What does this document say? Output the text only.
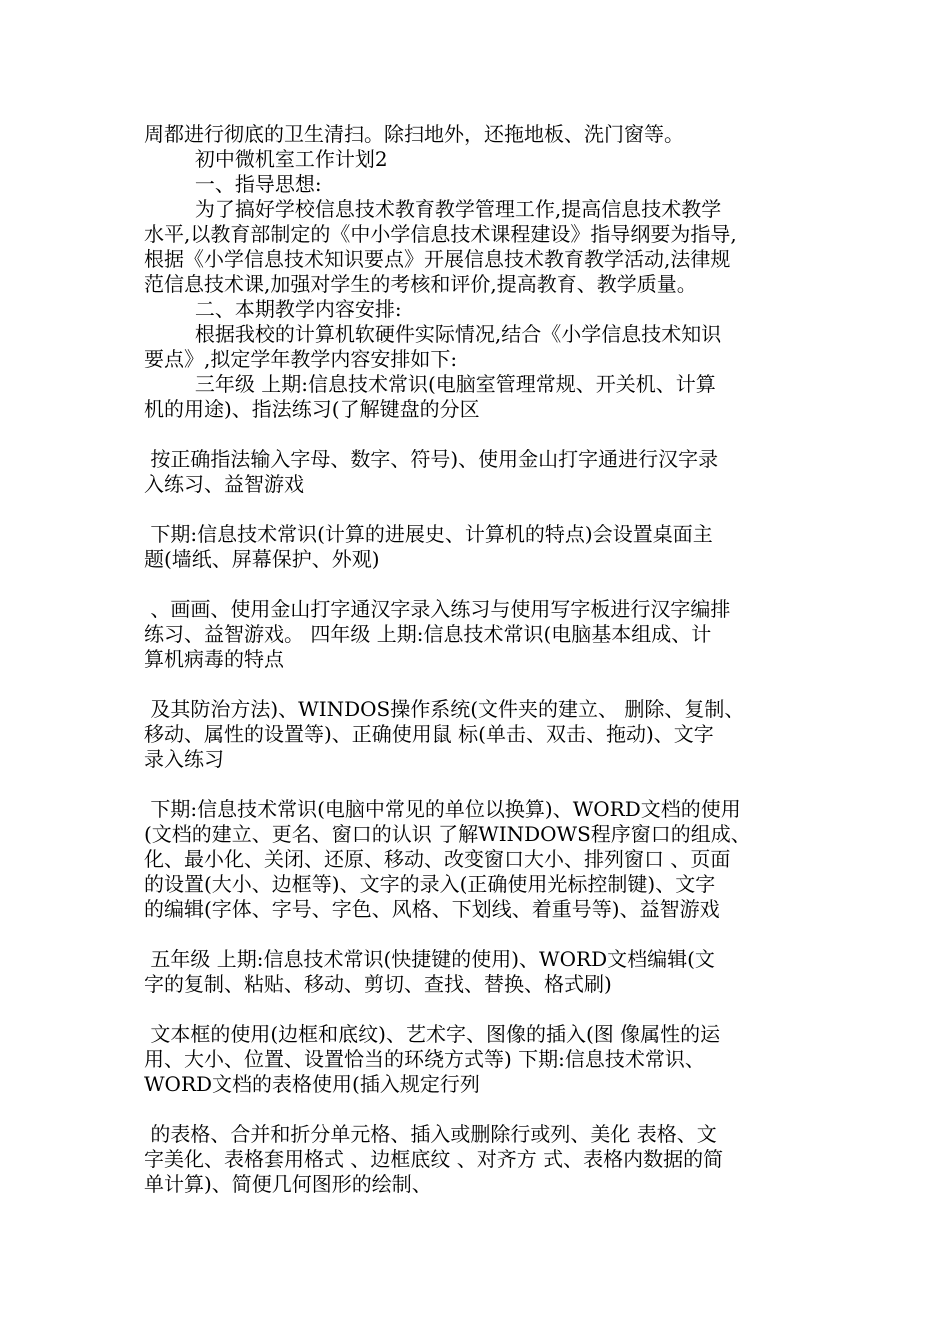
周都进行彻底的卫生清扫。除扫地外，还拖地板、洗门窗等。
初中微机室工作计划2
一、指导思想:
为了搞好学校信息技术教育教学管理工作,提高信息技术教学
水平,以教育部制定的《中小学信息技术课程建设》指导纲要为指导,
根据《小学信息技术知识要点》开展信息技术教育教学活动,法律规
范信息技术课,加强对学生的考核和评价,提高教育、教学质量。
二、本期教学内容安排:
根据我校的计算机软硬件实际情况,结合《小学信息技术知识
要点》,拟定学年教学内容安排如下:
三年级 上期:信息技术常识(电脑室管理常规、开关机、计算
机的用途)、指法练习(了解键盘的分区
按正确指法输入字母、数字、符号)、使用金山打字通进行汉字录
入练习、益智游戏
下期:信息技术常识(计算的进展史、计算机的特点)会设置桌面主
题(墙纸、屏幕保护、外观)
、画画、使用金山打字通汉字录入练习与使用写字板进行汉字编排
练习、益智游戏。 四年级 上期:信息技术常识(电脑基本组成、计
算机病毒的特点
及其防治方法)、WINDOS操作系统(文件夹的建立、 删除、复制、
移动、属性的设置等)、正确使用鼠 标(单击、双击、拖动)、文字
录入练习
下期:信息技术常识(电脑中常见的单位以换算)、WORD文档的使用
(文档的建立、更名、窗口的认识 了解WINDOWS程序窗口的组成、
化、最小化、关闭、还原、移动、改变窗口大小、排列窗口 、页面
的设置(大小、边框等)、文字的录入(正确使用光标控制键)、文字
的编辑(字体、字号、字色、风格、下划线、着重号等)、益智游戏
五年级 上期:信息技术常识(快捷键的使用)、WORD文档编辑(文
字的复制、粘贴、移动、剪切、查找、替换、格式刷)
文本框的使用(边框和底纹)、艺术字、图像的插入(图 像属性的运
用、大小、位置、设置恰当的环绕方式等) 下期:信息技术常识、
WORD文档的表格使用(插入规定行列
的表格、合并和折分单元格、插入或删除行或列、美化 表格、文
字美化、表格套用格式 、边框底纹 、对齐方 式、表格内数据的简
单计算)、简便几何图形的绘制、
